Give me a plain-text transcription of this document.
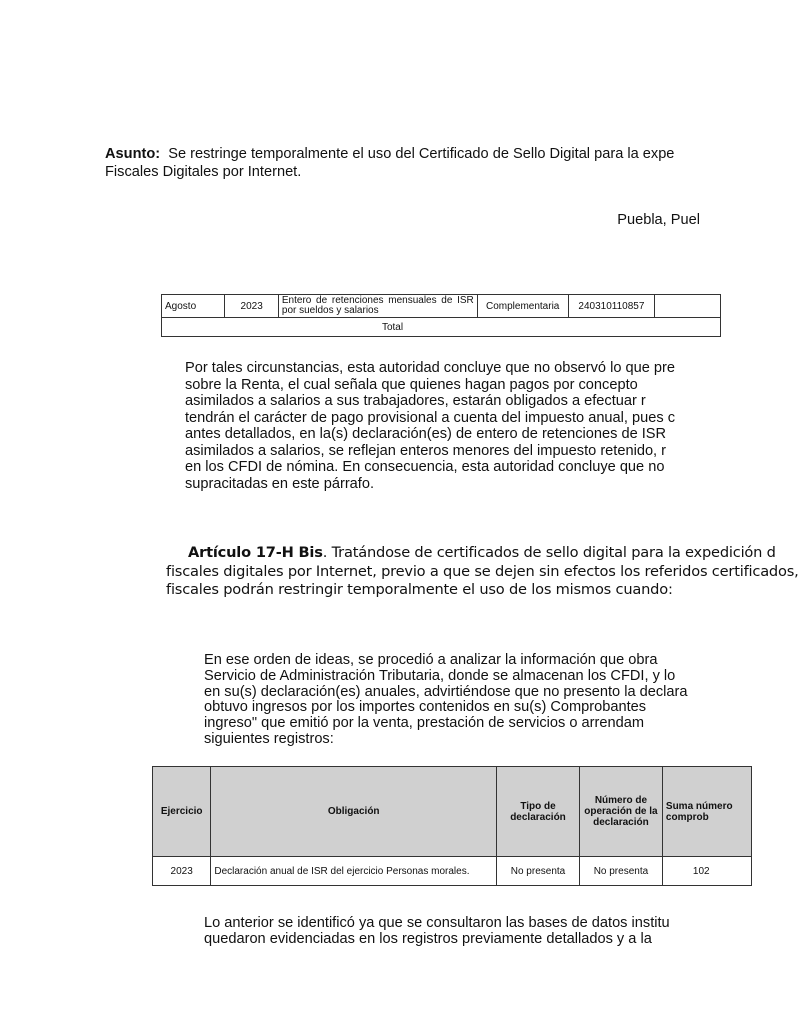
Asunto: Se restringe temporalmente el uso del Certificado de Sello Digital para la expe
Fiscales Digitales por Internet.
Puebla, Puel
Agosto	2023	Entero de retenciones mensuales de ISR por sueldos y salarios	Complementaria	240310110857	
Total
Por tales circunstancias, esta autoridad concluye que no observó lo que pre
sobre la Renta, el cual señala que quienes hagan pagos por concepto
asimilados a salarios a sus trabajadores, estarán obligados a efectuar r
tendrán el carácter de pago provisional a cuenta del impuesto anual, pues c
antes detallados, en la(s) declaración(es) de entero de retenciones de ISR
asimilados a salarios, se reflejan enteros menores del impuesto retenido, r
en los CFDI de nómina. En consecuencia, esta autoridad concluye que no
supracitadas en este párrafo.
Artículo 17-H Bis. Tratándose de certificados de sello digital para la expedición d
fiscales digitales por Internet, previo a que se dejen sin efectos los referidos certificados,
fiscales podrán restringir temporalmente el uso de los mismos cuando:
En ese orden de ideas, se procedió a analizar la información que obra
Servicio de Administración Tributaria, donde se almacenan los CFDI, y lo
en su(s) declaración(es) anuales, advirtiéndose que no presento la declara
obtuvo ingresos por los importes contenidos en su(s) Comprobantes
ingreso" que emitió por la venta, prestación de servicios o arrendam
siguientes registros:
Ejercicio	Obligación	Tipo de declaración	Número de operación de la declaración	Suma número comprob
2023	Declaración anual de ISR del ejercicio Personas morales.	No presenta	No presenta	102
Lo anterior se identificó ya que se consultaron las bases de datos institu
quedaron evidenciadas en los registros previamente detallados y a la
